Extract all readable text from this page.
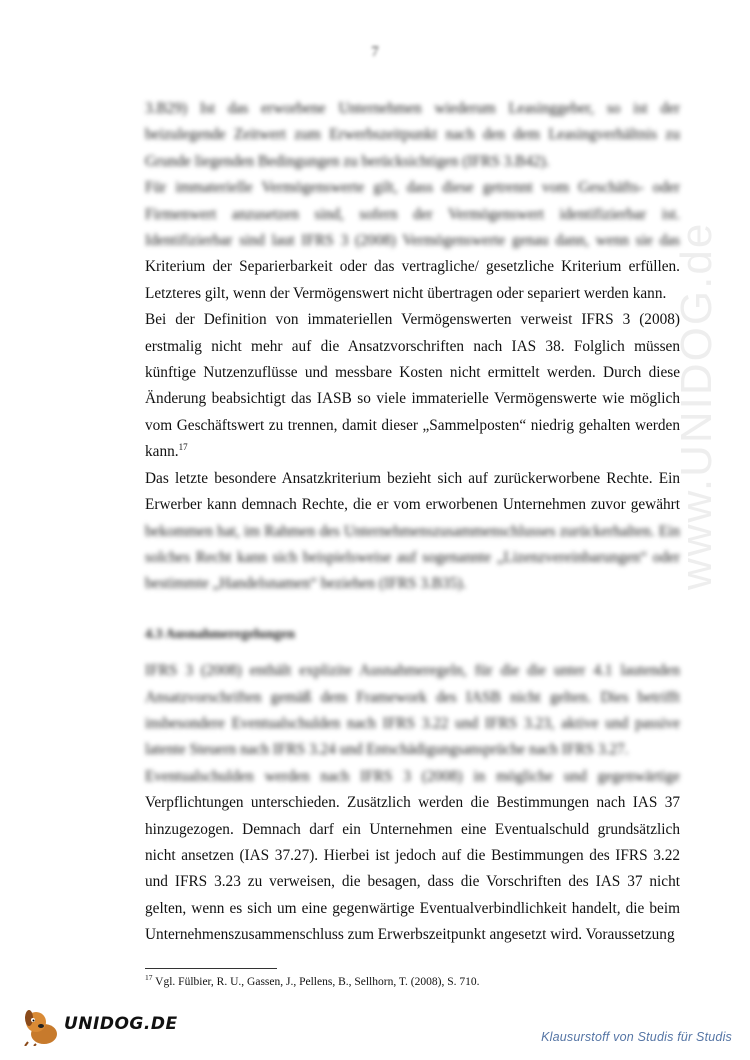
7

3.B29) Ist das erworbene Unternehmen wiederum Leasinggeber, so ist der beizulegende Zeitwert zum Erwerbszeitpunkt nach den dem Leasingverhältnis zu Grunde liegenden Bedingungen zu berücksichtigen (IFRS 3.B42).

Für immaterielle Vermögenswerte gilt, dass diese getrennt vom Geschäfts- oder Firmenwert anzusetzen sind, sofern der Vermögenswert identifizierbar ist. Identifizierbar sind laut IFRS 3 (2008) Vermögenswerte genau dann, wenn sie das Kriterium der Separierbarkeit oder das vertragliche/ gesetzliche Kriterium erfüllen. Letzteres gilt, wenn der Vermögenswert nicht übertragen oder separiert werden kann.

Bei der Definition von immateriellen Vermögenswerten verweist IFRS 3 (2008) erstmalig nicht mehr auf die Ansatzvorschriften nach IAS 38. Folglich müssen künftige Nutzenzuflüsse und messbare Kosten nicht ermittelt werden. Durch diese Änderung beabsichtigt das IASB so viele immaterielle Vermögenswerte wie möglich vom Geschäftswert zu trennen, damit dieser „Sammelposten“ niedrig gehalten werden kann.$^{17}$

Das letzte besondere Ansatzkriterium bezieht sich auf zurückerworbene Rechte. Ein Erwerber kann demnach Rechte, die er vom erworbenen Unternehmen zuvor gewährt bekommen hat, im Rahmen des Unternehmenszusammenschlusses zurückerhalten. Ein solches Recht kann sich beispielsweise auf sogenannte „Lizenzvereinbarungen“ oder bestimmte „Handelsnamen“ beziehen (IFRS 3.B35).

4.3 Ausnahmeregelungen

IFRS 3 (2008) enthält explizite Ausnahmeregeln, für die die unter 4.1 lautenden Ansatzvorschriften gemäß dem Framework des IASB nicht gelten. Dies betrifft insbesondere Eventualschulden nach IFRS 3.22 und IFRS 3.23, aktive und passive latente Steuern nach IFRS 3.24 und Entschädigungsansprüche nach IFRS 3.27.

Eventualschulden werden nach IFRS 3 (2008) in mögliche und gegenwärtige Verpflichtungen unterschieden. Zusätzlich werden die Bestimmungen nach IAS 37 hinzugezogen. Demnach darf ein Unternehmen eine Eventualschuld grundsätzlich nicht ansetzen (IAS 37.27). Hierbei ist jedoch auf die Bestimmungen des IFRS 3.22 und IFRS 3.23 zu verweisen, die besagen, dass die Vorschriften des IAS 37 nicht gelten, wenn es sich um eine gegenwärtige Eventualverbindlichkeit handelt, die beim Unternehmenszusammenschluss zum Erwerbszeitpunkt angesetzt wird. Voraussetzung

$^{17}$ Vgl. Fülbier, R. U., Gassen, J., Pellens, B., Sellhorn, T. (2008), S. 710.
www.UNIDOG.de
UNIDOG.DE
Klausurstoff von Studis für Studis
